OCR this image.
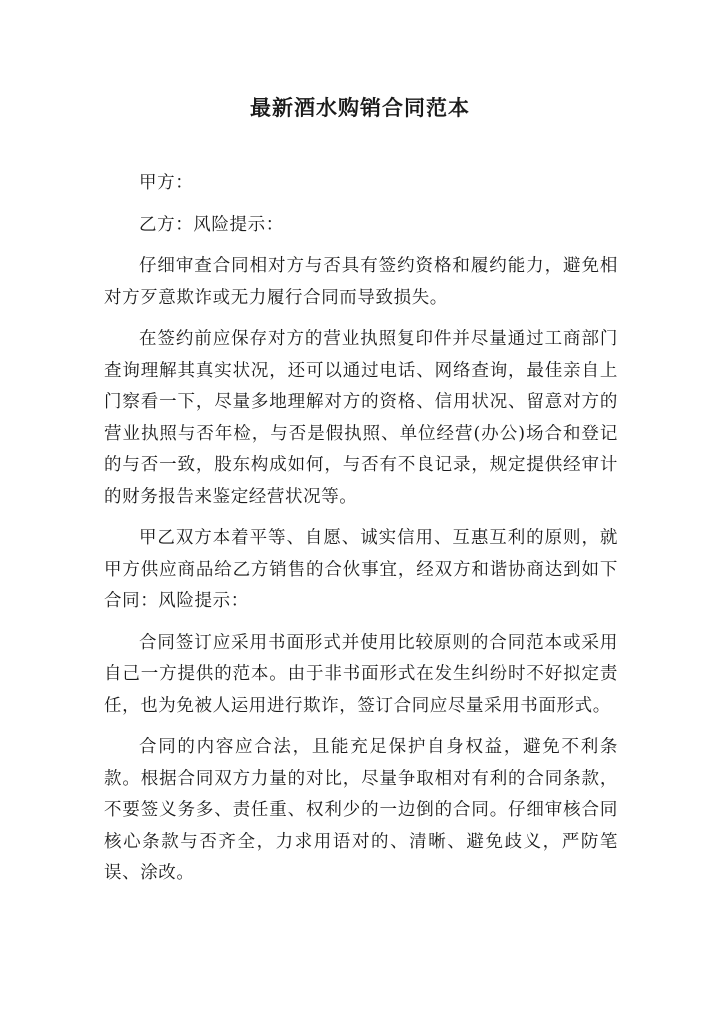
最新酒水购销合同范本

甲方：

乙方：风险提示：

仔细审查合同相对方与否具有签约资格和履约能力，避免相对方歹意欺诈或无力履行合同而导致损失。

在签约前应保存对方的营业执照复印件并尽量通过工商部门查询理解其真实状况，还可以通过电话、网络查询，最佳亲自上门察看一下，尽量多地理解对方的资格、信用状况、留意对方的营业执照与否年检，与否是假执照、单位经营(办公)场合和登记的与否一致，股东构成如何，与否有不良记录，规定提供经审计的财务报告来鉴定经营状况等。

甲乙双方本着平等、自愿、诚实信用、互惠互利的原则，就甲方供应商品给乙方销售的合伙事宜，经双方和谐协商达到如下合同：风险提示：

合同签订应采用书面形式并使用比较原则的合同范本或采用自己一方提供的范本。由于非书面形式在发生纠纷时不好拟定责任，也为免被人运用进行欺诈，签订合同应尽量采用书面形式。

合同的内容应合法，且能充足保护自身权益，避免不利条款。根据合同双方力量的对比，尽量争取相对有利的合同条款，不要签义务多、责任重、权利少的一边倒的合同。仔细审核合同核心条款与否齐全，力求用语对的、清晰、避免歧义，严防笔误、涂改。
